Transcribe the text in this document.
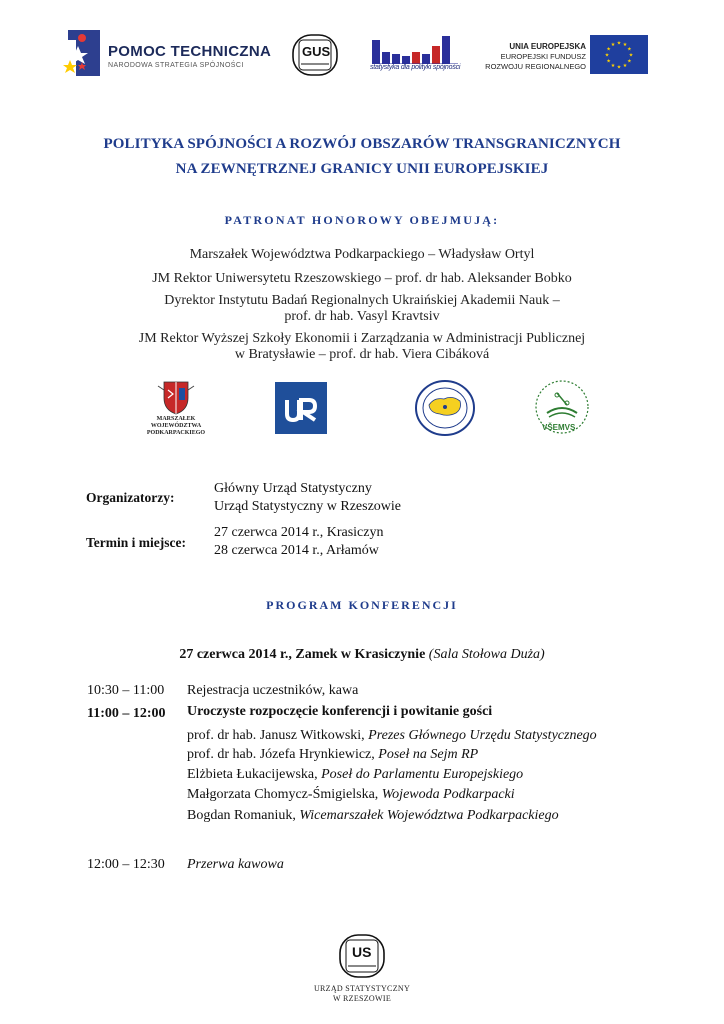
POMOC TECHNICZNA
NARODOWA STRATEGIA SPÓJNOŚCI
GUS
statystyka dla polityki spójności
UNIA EUROPEJSKA
EUROPEJSKI FUNDUSZ
ROZWOJU REGIONALNEGO
★
★
★
★
★
★
★
★
★ ★ ★
★
POLITYKA SPÓJNOŚCI A ROZWÓJ OBSZARÓW TRANSGRANICZNYCH
NA ZEWNĘTRZNEJ GRANICY UNII EUROPEJSKIEJ
PATRONAT HONOROWY OBEJMUJĄ:
Marszałek Województwa Podkarpackiego – Władysław Ortyl
JM Rektor Uniwersytetu Rzeszowskiego – prof. dr hab. Aleksander Bobko
Dyrektor Instytutu Badań Regionalnych Ukraińskiej Akademii Nauk –
prof. dr hab. Vasyl Kravtsiv
JM Rektor Wyższej Szkoły Ekonomii i Zarządzania w Administracji Publicznej
w Bratysławie – prof. dr hab. Viera Cibáková
MARSZAŁEK
WOJEWÓDZTWA
PODKARPACKIEGO
VŠEMVS
Organizatorzy:
Główny Urząd Statystyczny
Urząd Statystyczny w Rzeszowie
Termin i miejsce:
27 czerwca 2014 r., Krasiczyn
28 czerwca 2014 r., Arłamów
PROGRAM KONFERENCJI
27 czerwca 2014 r., Zamek w Krasiczynie (Sala Stołowa Duża)
10:30 – 11:00 Rejestracja uczestników, kawa
11:00 – 12:00 Uroczyste rozpoczęcie konferencji i powitanie gości
prof. dr hab. Janusz Witkowski, Prezes Głównego Urzędu Statystycznego
prof. dr hab. Józefa Hrynkiewicz, Poseł na Sejm RP
Elżbieta Łukacijewska, Poseł do Parlamentu Europejskiego
Małgorzata Chomycz-Śmigielska, Wojewoda Podkarpacki
Bogdan Romaniuk, Wicemarszałek Województwa Podkarpackiego
12:00 – 12:30 Przerwa kawowa
US
URZĄD STATYSTYCZNY
W RZESZOWIE
